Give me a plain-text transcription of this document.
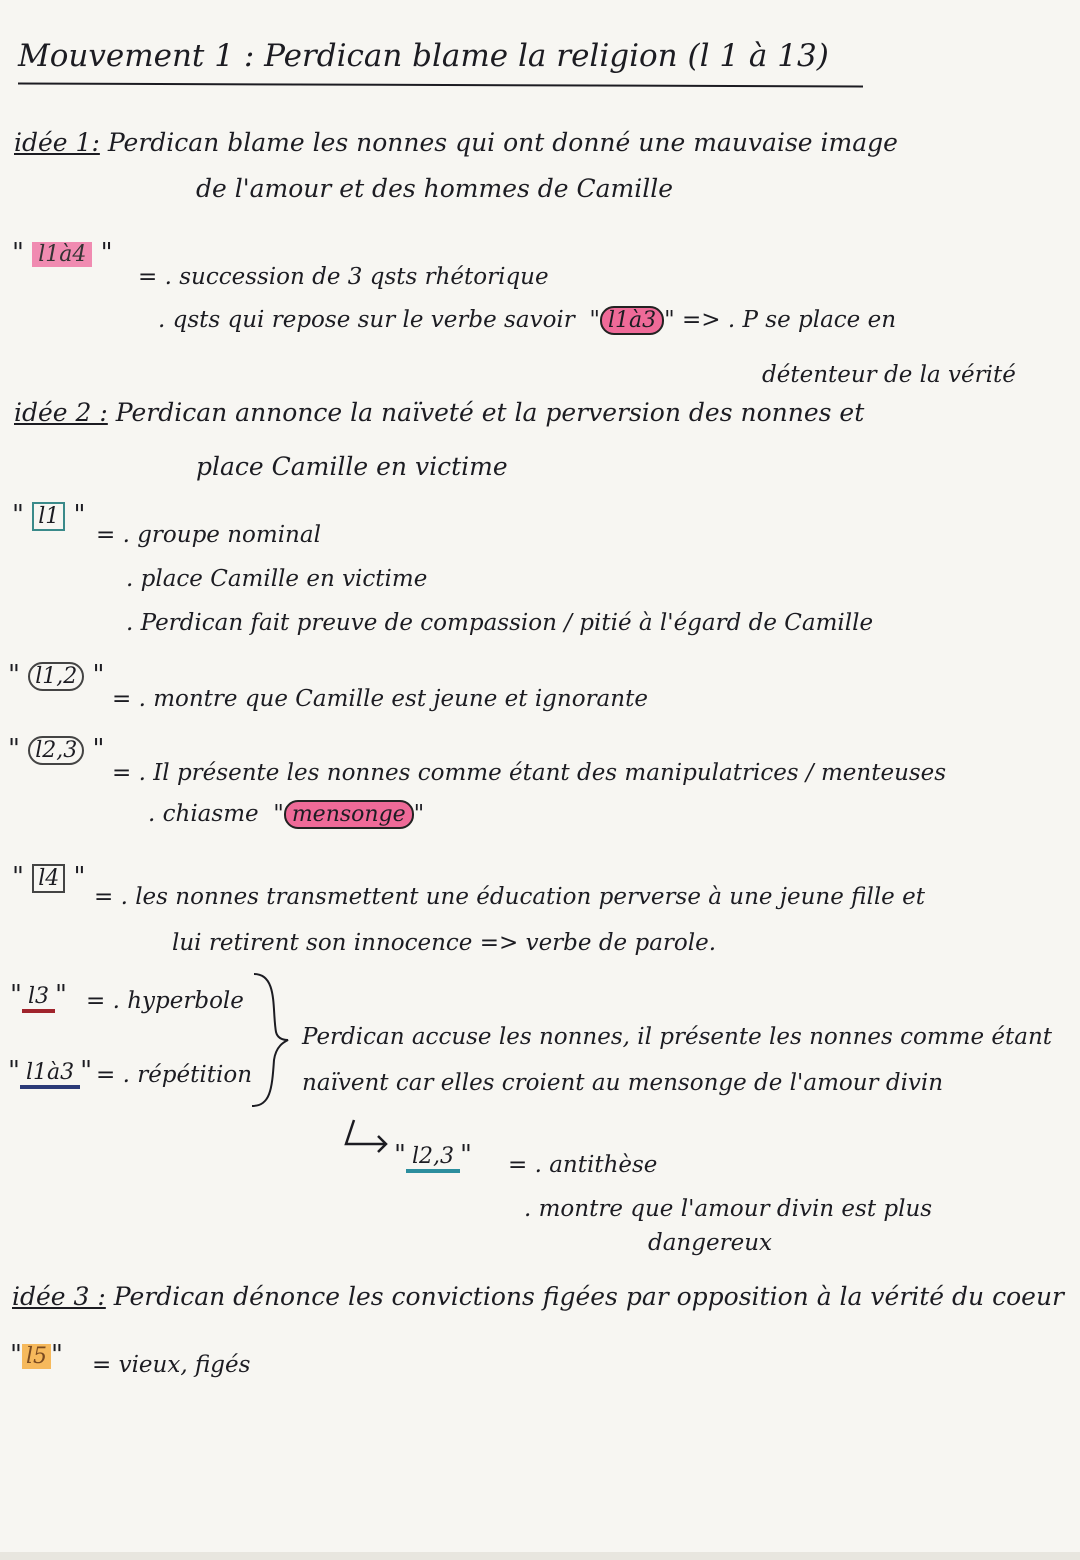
Mouvement 1 : Perdican blame la religion (l 1 à 13)
idée 1: Perdican blame les nonnes qui ont donné une mauvaise image
de l'amour et des hommes de Camille
" l1à4 "
= . succession de 3 qsts rhétorique
. qsts qui repose sur le verbe savoir  " l1à3 " => . P se place en
détenteur de la vérité
idée 2 : Perdican annonce la naïveté et la perversion des nonnes et
place Camille en victime
" l1 "
= . groupe nominal
. place Camille en victime
. Perdican fait preuve de compassion / pitié à l'égard de Camille
" l1,2 "
= . montre que Camille est jeune et ignorante
" l2,3 "
= . Il présente les nonnes comme étant des manipulatrices / menteuses
. chiasme  " mensonge "
" l4 "
= . les nonnes transmettent une éducation perverse à une jeune fille et
lui retirent son innocence => verbe de parole.
" l3 " = . hyperbole
" l1à3 " = . répétition
Perdican accuse les nonnes, il présente les nonnes comme étant
naïvent car elles croient au mensonge de l'amour divin
" l2,3 " = . antithèse
. montre que l'amour divin est plus
dangereux
idée 3 : Perdican dénonce les convictions figées par opposition à la vérité du coeur
" l5 " = vieux, figés
